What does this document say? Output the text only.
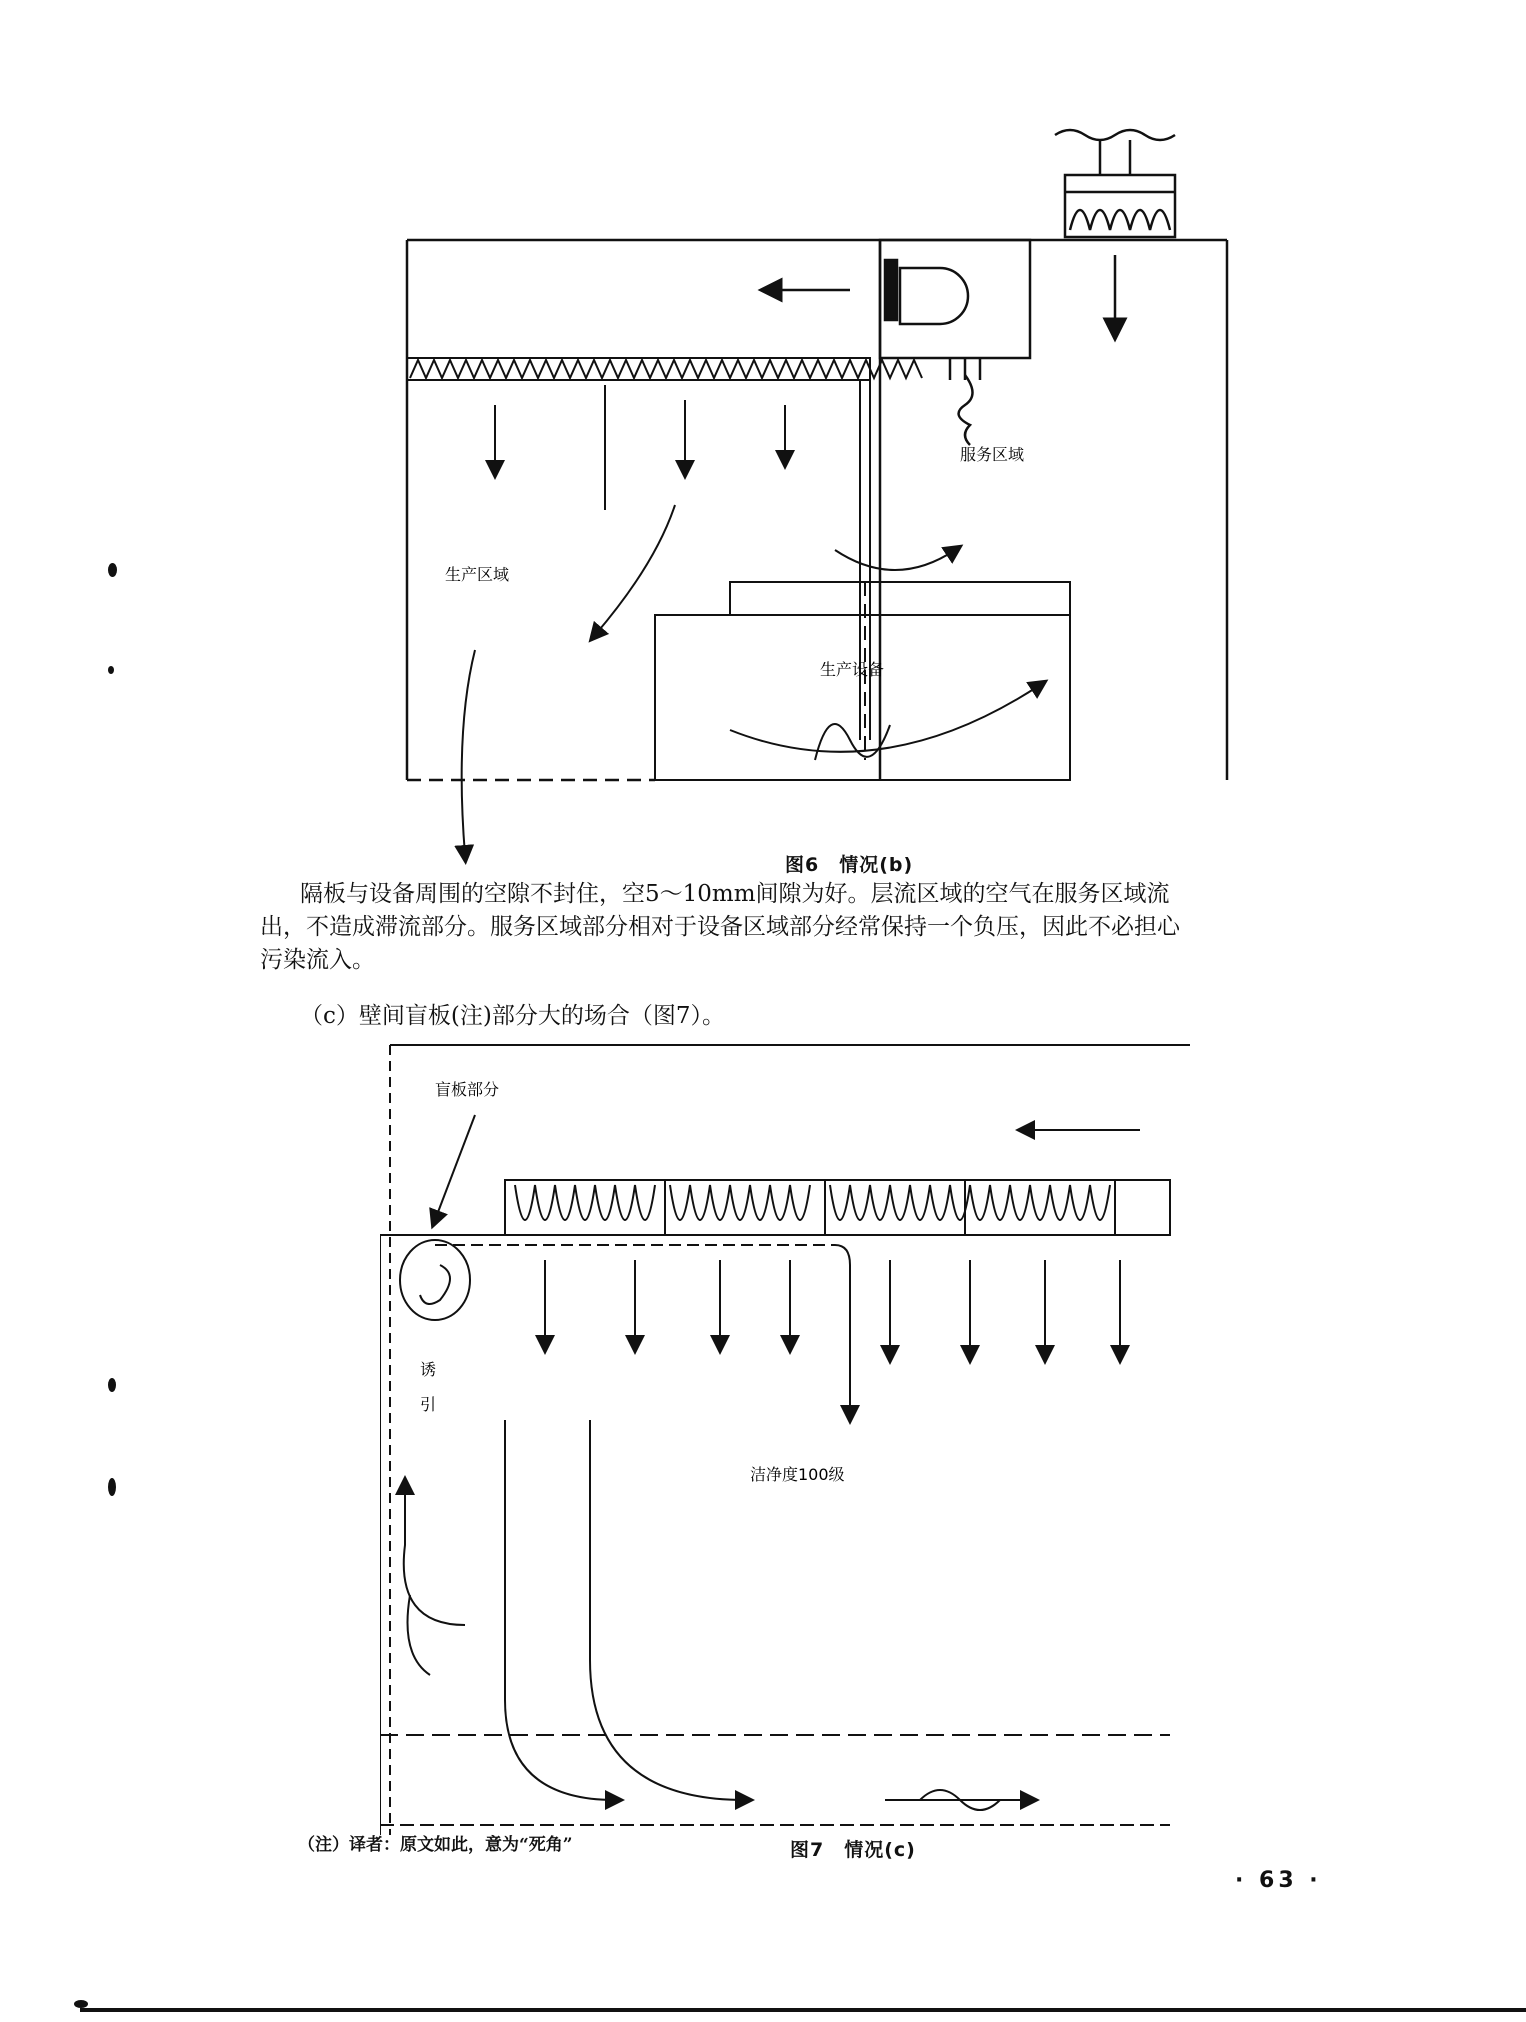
服务区域
生产区域
生产设备
图6　情况(b)
隔板与设备周围的空隙不封住，空5～10mm间隙为好。层流区域的空气在服务区域流
出，不造成滞流部分。服务区域部分相对于设备区域部分经常保持一个负压，因此不必担心
污染流入。
（c）壁间盲板(注)部分大的场合（图7）。
盲板部分
诱
引
洁净度100级
（注）译者：原文如此，意为“死角”	图7　情况(c)
· 63 ·
